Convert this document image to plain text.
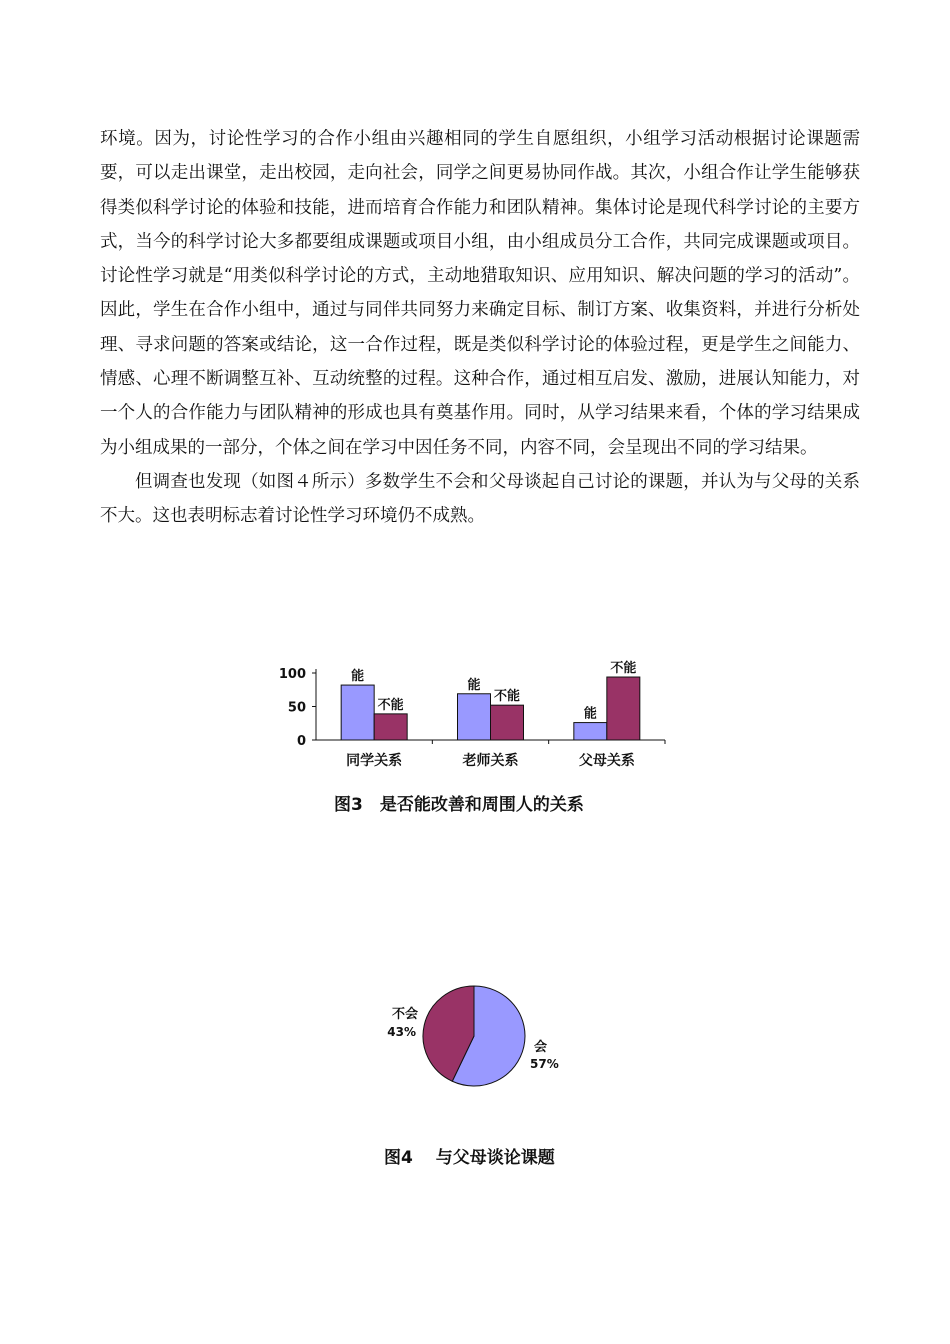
环境。因为，讨论性学习的合作小组由兴趣相同的学生自愿组织，小组学习活动根据讨论课题需要，可以走出课堂，走出校园，走向社会，同学之间更易协同作战。其次，小组合作让学生能够获得类似科学讨论的体验和技能，进而培育合作能力和团队精神。集体讨论是现代科学讨论的主要方式，当今的科学讨论大多都要组成课题或项目小组，由小组成员分工合作，共同完成课题或项目。讨论性学习就是“用类似科学讨论的方式，主动地猎取知识、应用知识、解决问题的学习的活动”。因此，学生在合作小组中，通过与同伴共同努力来确定目标、制订方案、收集资料，并进行分析处理、寻求问题的答案或结论，这一合作过程，既是类似科学讨论的体验过程，更是学生之间能力、情感、心理不断调整互补、互动统整的过程。这种合作，通过相互启发、激励，进展认知能力，对一个人的合作能力与团队精神的形成也具有奠基作用。同时，从学习结果来看，个体的学习结果成为小组成果的一部分，个体之间在学习中因任务不同，内容不同，会呈现出不同的学习结果。

但调查也发现（如图４所示）多数学生不会和父母谈起自己讨论的课题，并认为与父母的关系不大。这也表明标志着讨论性学习环境仍不成熟。

0
50
100
同学关系
能
不能
老师关系
能
不能
父母关系
能
不能
图3　是否能改善和周围人的关系
会
57%
不会
43%
图4　 与父母谈论课题
